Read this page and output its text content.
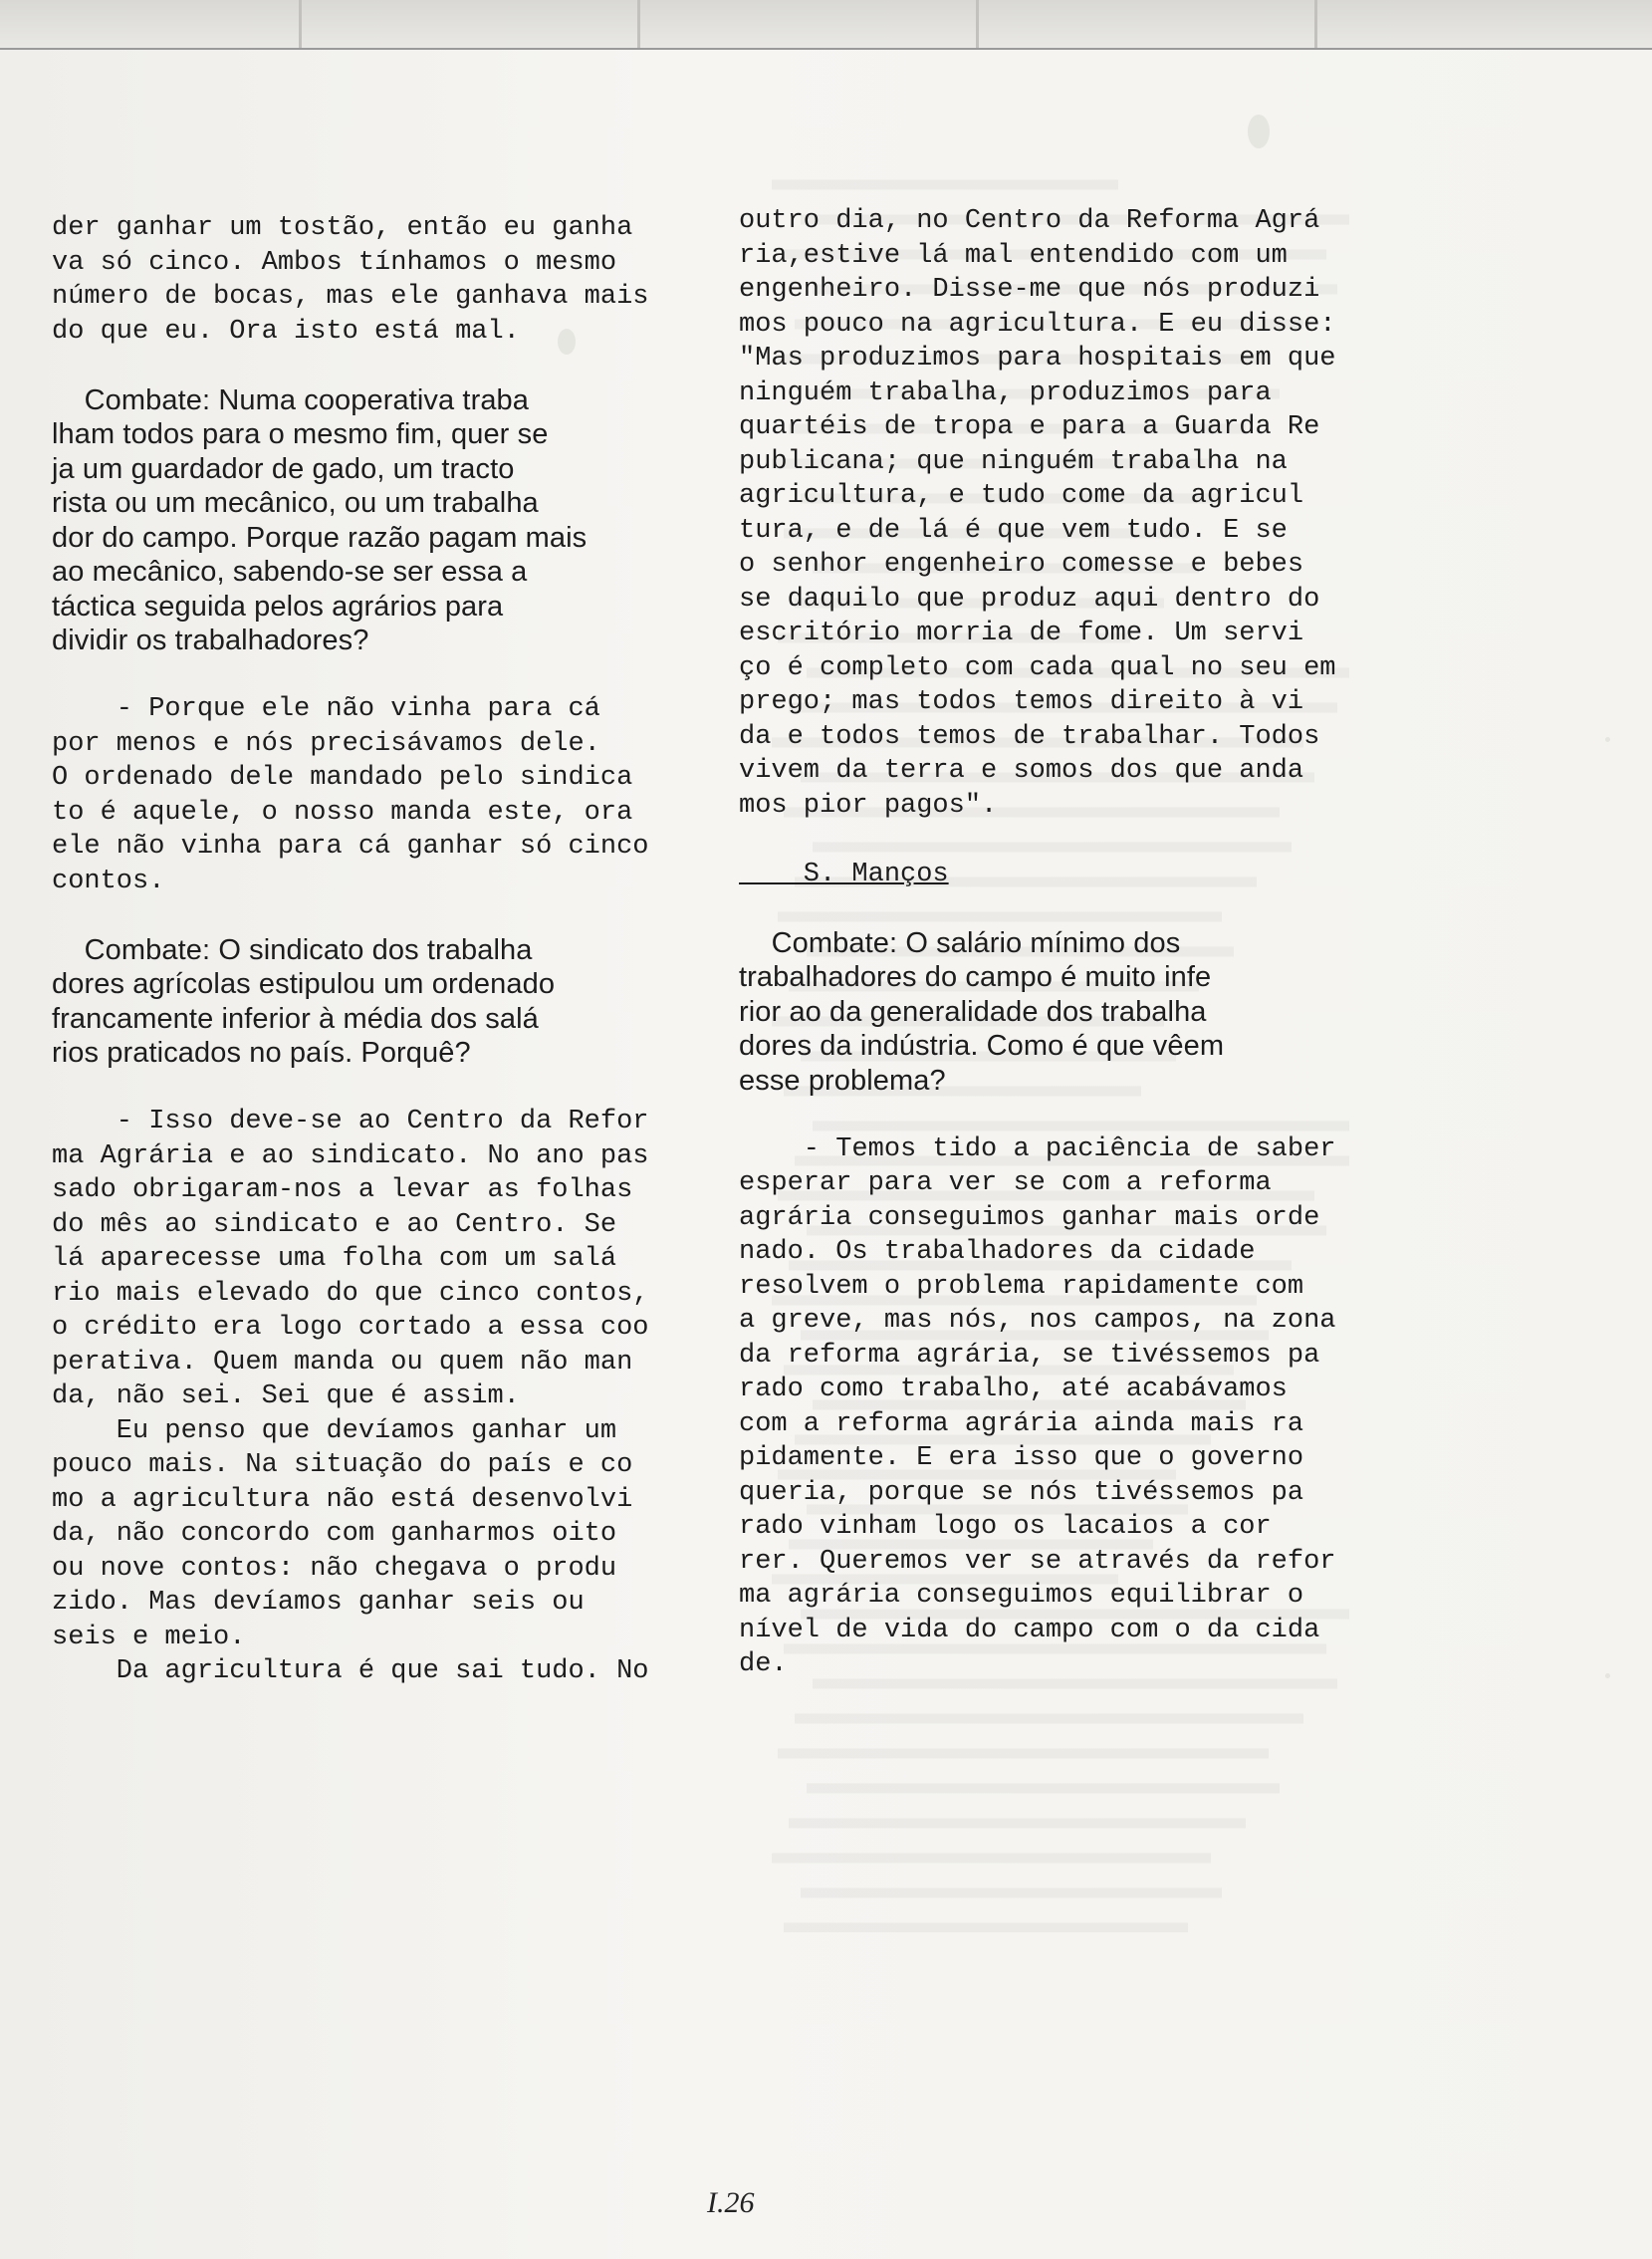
der ganhar um tostão, então eu ganha
va só cinco. Ambos tínhamos o mesmo
número de bocas, mas ele ganhava mais
do que eu. Ora isto está mal.
Combate: Numa cooperativa traba
lham todos para o mesmo fim, quer se
ja um guardador de gado, um tracto
rista ou um mecânico, ou um trabalha
dor do campo. Porque razão pagam mais
ao mecânico, sabendo-se ser essa a
táctica seguida pelos agrários para
dividir os trabalhadores?
- Porque ele não vinha para cá
por menos e nós precisávamos dele.
O ordenado dele mandado pelo sindica
to é aquele, o nosso manda este, ora
ele não vinha para cá ganhar só cinco
contos.
Combate: O sindicato dos trabalha
dores agrícolas estipulou um ordenado
francamente inferior à média dos salá
rios praticados no país. Porquê?
- Isso deve-se ao Centro da Refor
ma Agrária e ao sindicato. No ano pas
sado obrigaram-nos a levar as folhas
do mês ao sindicato e ao Centro. Se
lá aparecesse uma folha com um salá
rio mais elevado do que cinco contos,
o crédito era logo cortado a essa coo
perativa. Quem manda ou quem não man
da, não sei. Sei que é assim.
Eu penso que devíamos ganhar um
pouco mais. Na situação do país e co
mo a agricultura não está desenvolvi
da, não concordo com ganharmos oito
ou nove contos: não chegava o produ
zido. Mas devíamos ganhar seis ou
seis e meio.
Da agricultura é que sai tudo. No
outro dia, no Centro da Reforma Agrá
ria,estive lá mal entendido com um
engenheiro. Disse-me que nós produzi
mos pouco na agricultura. E eu disse:
"Mas produzimos para hospitais em que
ninguém trabalha, produzimos para
quartéis de tropa e para a Guarda Re
publicana; que ninguém trabalha na
agricultura, e tudo come da agricul
tura, e de lá é que vem tudo. E se
o senhor engenheiro comesse e bebes
se daquilo que produz aqui dentro do
escritório morria de fome. Um servi
ço é completo com cada qual no seu em
prego; mas todos temos direito à vi
da e todos temos de trabalhar. Todos
vivem da terra e somos dos que anda
mos pior pagos".
S. Manços
Combate: O salário mínimo dos
trabalhadores do campo é muito infe
rior ao da generalidade dos trabalha
dores da indústria. Como é que vêem
esse problema?
- Temos tido a paciência de saber
esperar para ver se com a reforma
agrária conseguimos ganhar mais orde
nado. Os trabalhadores da cidade
resolvem o problema rapidamente com
a greve, mas nós, nos campos, na zona
da reforma agrária, se tivéssemos pa
rado como trabalho, até acabávamos
com a reforma agrária ainda mais ra
pidamente. E era isso que o governo
queria, porque se nós tivéssemos pa
rado vinham logo os lacaios a cor
rer. Queremos ver se através da refor
ma agrária conseguimos equilibrar o
nível de vida do campo com o da cida
de.
I.26
